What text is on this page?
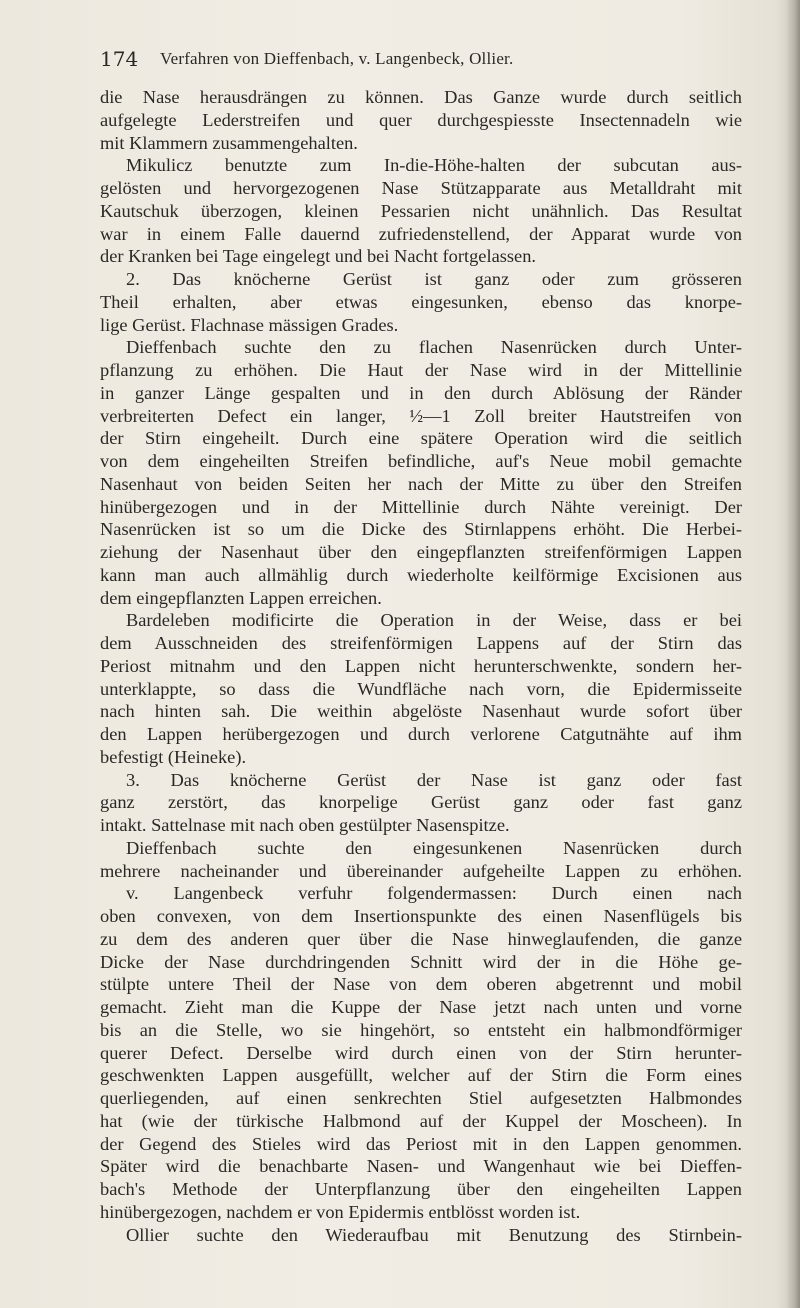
174 Verfahren von Dieffenbach, v. Langenbeck, Ollier.
die Nase herausdrängen zu können. Das Ganze wurde durch seitlich
aufgelegte Lederstreifen und quer durchgespiesste Insectennadeln wie
mit Klammern zusammengehalten.
Mikulicz benutzte zum In-die-Höhe-halten der subcutan aus-
gelösten und hervorgezogenen Nase Stützapparate aus Metalldraht mit
Kautschuk überzogen, kleinen Pessarien nicht unähnlich. Das Resultat
war in einem Falle dauernd zufriedenstellend, der Apparat wurde von
der Kranken bei Tage eingelegt und bei Nacht fortgelassen.
2. Das knöcherne Gerüst ist ganz oder zum grösseren
Theil erhalten, aber etwas eingesunken, ebenso das knorpe-
lige Gerüst. Flachnase mässigen Grades.
Dieffenbach suchte den zu flachen Nasenrücken durch Unter-
pflanzung zu erhöhen. Die Haut der Nase wird in der Mittellinie
in ganzer Länge gespalten und in den durch Ablösung der Ränder
verbreiterten Defect ein langer, ½—1 Zoll breiter Hautstreifen von
der Stirn eingeheilt. Durch eine spätere Operation wird die seitlich
von dem eingeheilten Streifen befindliche, auf's Neue mobil gemachte
Nasenhaut von beiden Seiten her nach der Mitte zu über den Streifen
hinübergezogen und in der Mittellinie durch Nähte vereinigt. Der
Nasenrücken ist so um die Dicke des Stirnlappens erhöht. Die Herbei-
ziehung der Nasenhaut über den eingepflanzten streifenförmigen Lappen
kann man auch allmählig durch wiederholte keilförmige Excisionen aus
dem eingepflanzten Lappen erreichen.
Bardeleben modificirte die Operation in der Weise, dass er bei
dem Ausschneiden des streifenförmigen Lappens auf der Stirn das
Periost mitnahm und den Lappen nicht herunterschwenkte, sondern her-
unterklappte, so dass die Wundfläche nach vorn, die Epidermisseite
nach hinten sah. Die weithin abgelöste Nasenhaut wurde sofort über
den Lappen herübergezogen und durch verlorene Catgutnähte auf ihm
befestigt (Heineke).
3. Das knöcherne Gerüst der Nase ist ganz oder fast
ganz zerstört, das knorpelige Gerüst ganz oder fast ganz
intakt. Sattelnase mit nach oben gestülpter Nasenspitze.
Dieffenbach suchte den eingesunkenen Nasenrücken durch
mehrere nacheinander und übereinander aufgeheilte Lappen zu erhöhen.
v. Langenbeck verfuhr folgendermassen: Durch einen nach
oben convexen, von dem Insertionspunkte des einen Nasenflügels bis
zu dem des anderen quer über die Nase hinweglaufenden, die ganze
Dicke der Nase durchdringenden Schnitt wird der in die Höhe ge-
stülpte untere Theil der Nase von dem oberen abgetrennt und mobil
gemacht. Zieht man die Kuppe der Nase jetzt nach unten und vorne
bis an die Stelle, wo sie hingehört, so entsteht ein halbmondförmiger
querer Defect. Derselbe wird durch einen von der Stirn herunter-
geschwenkten Lappen ausgefüllt, welcher auf der Stirn die Form eines
querliegenden, auf einen senkrechten Stiel aufgesetzten Halbmondes
hat (wie der türkische Halbmond auf der Kuppel der Moscheen). In
der Gegend des Stieles wird das Periost mit in den Lappen genommen.
Später wird die benachbarte Nasen- und Wangenhaut wie bei Dieffen-
bach's Methode der Unterpflanzung über den eingeheilten Lappen
hinübergezogen, nachdem er von Epidermis entblösst worden ist.
Ollier suchte den Wiederaufbau mit Benutzung des Stirnbein-
